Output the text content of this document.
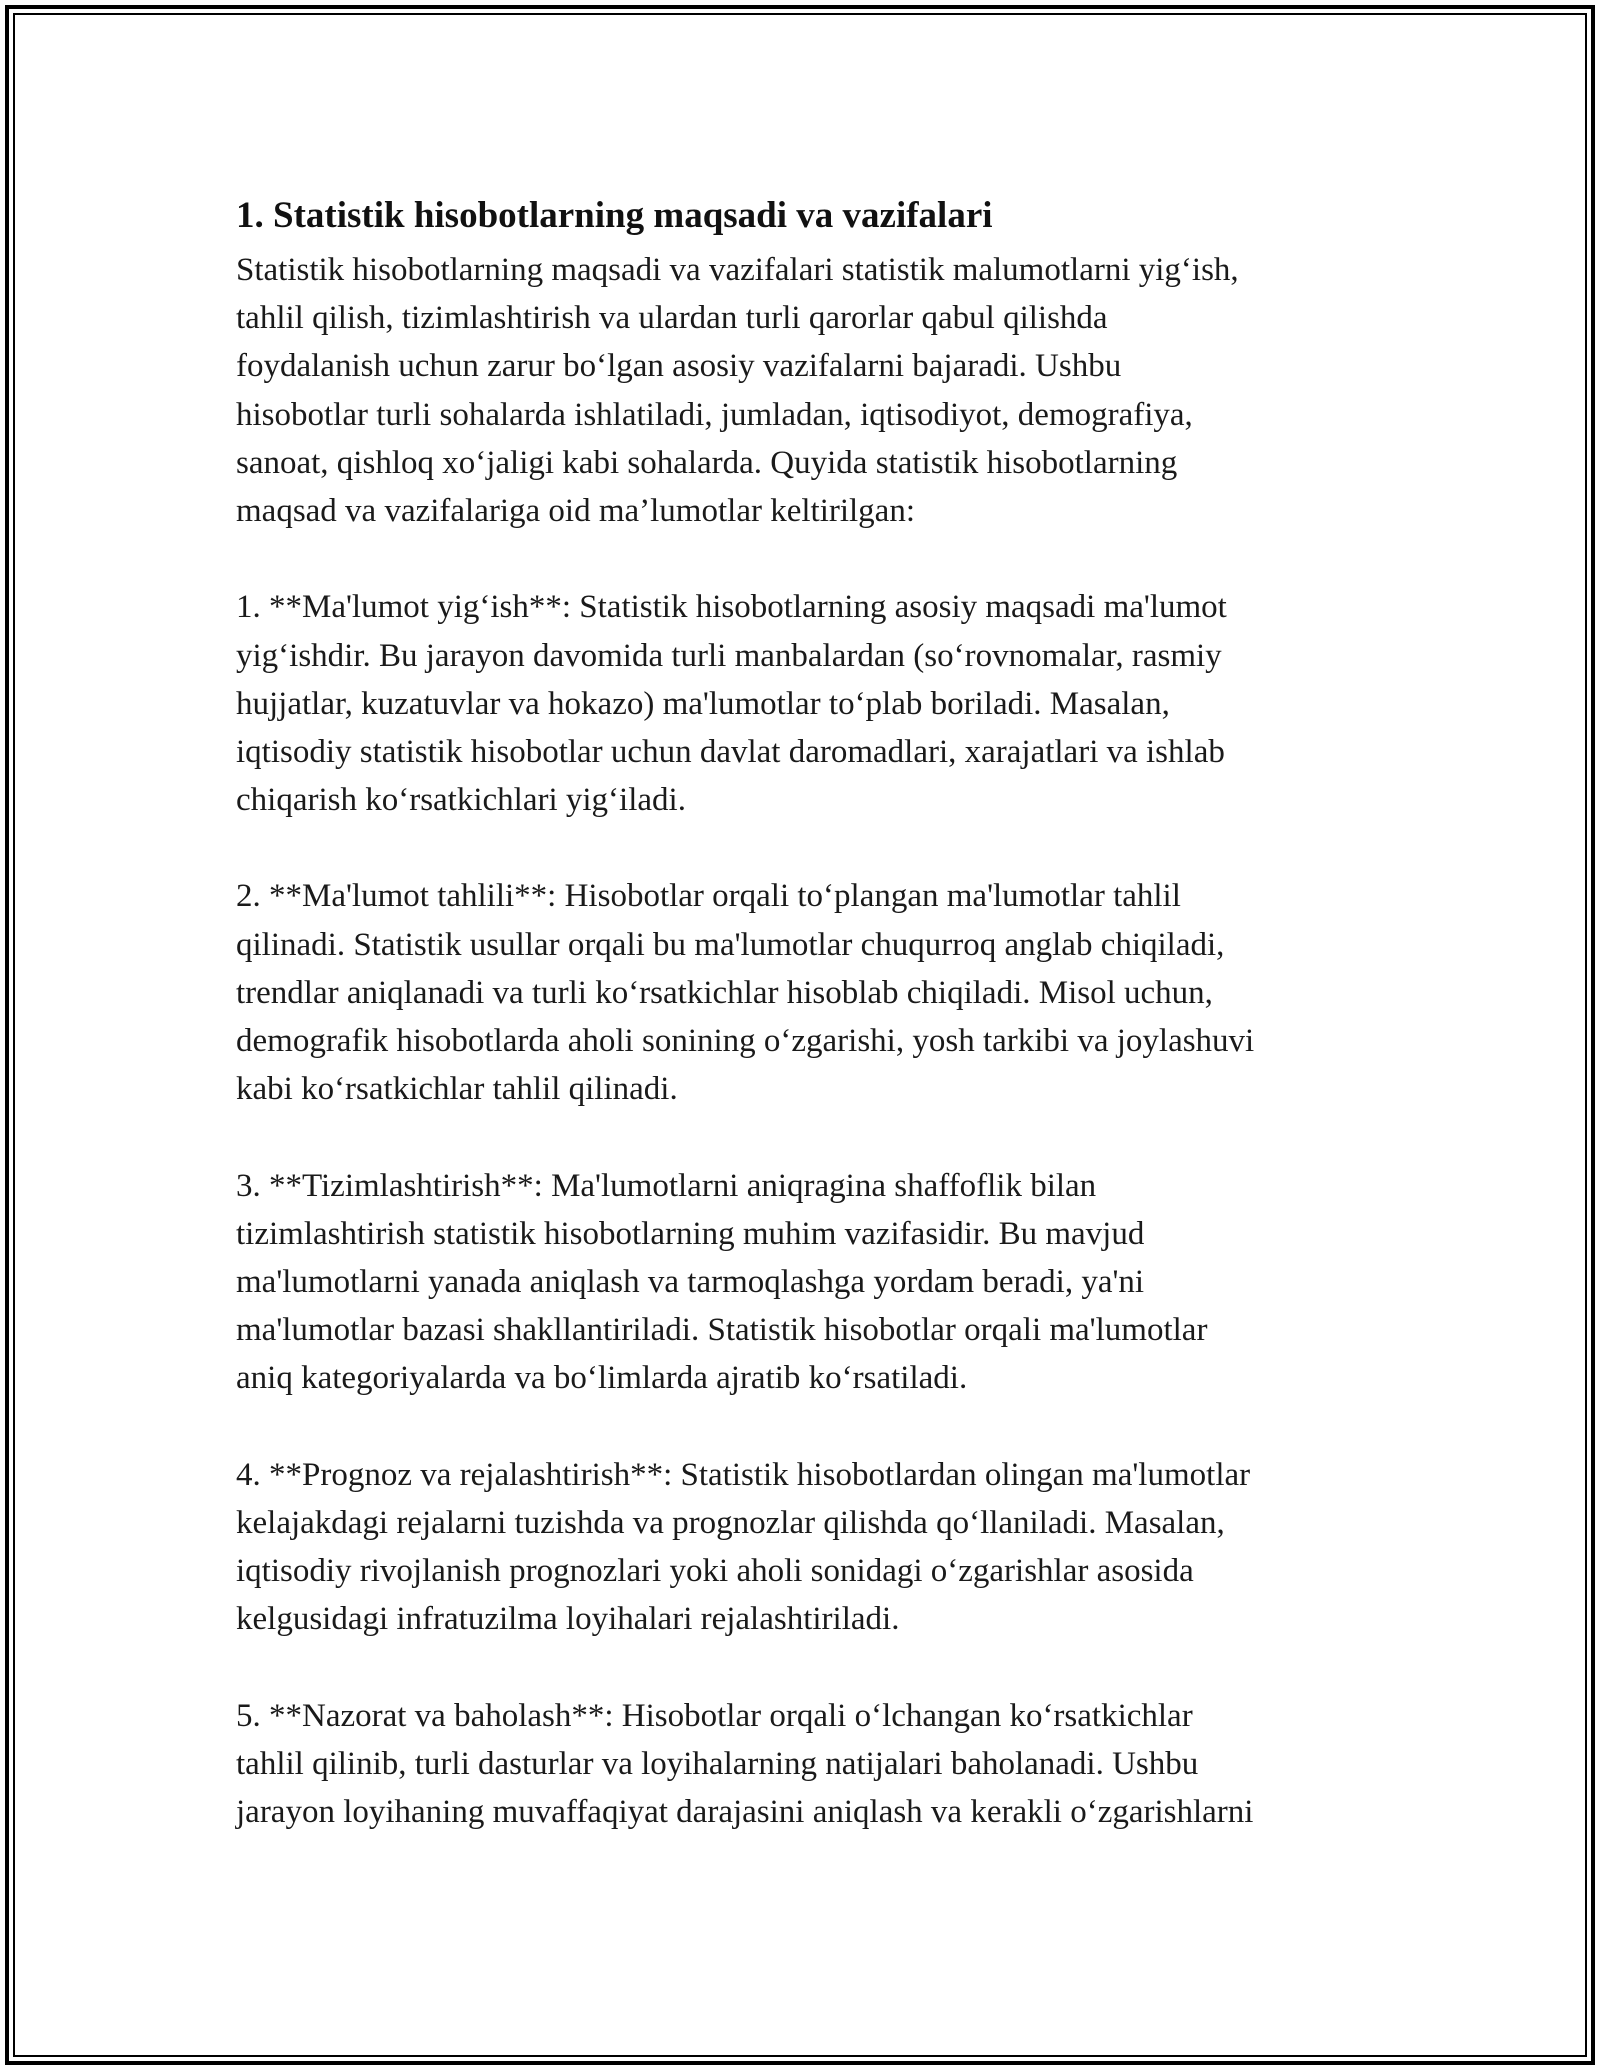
1. Statistik hisobotlarning maqsadi va vazifalari
Statistik hisobotlarning maqsadi va vazifalari statistik malumotlarni yig‘ish,
tahlil qilish, tizimlashtirish va ulardan turli qarorlar qabul qilishda
foydalanish uchun zarur bo‘lgan asosiy vazifalarni bajaradi. Ushbu
hisobotlar turli sohalarda ishlatiladi, jumladan, iqtisodiyot, demografiya,
sanoat, qishloq xo‘jaligi kabi sohalarda. Quyida statistik hisobotlarning
maqsad va vazifalariga oid ma’lumotlar keltirilgan:
1. **Ma'lumot yig‘ish**: Statistik hisobotlarning asosiy maqsadi ma'lumot
yig‘ishdir. Bu jarayon davomida turli manbalardan (so‘rovnomalar, rasmiy
hujjatlar, kuzatuvlar va hokazo) ma'lumotlar to‘plab boriladi. Masalan,
iqtisodiy statistik hisobotlar uchun davlat daromadlari, xarajatlari va ishlab
chiqarish ko‘rsatkichlari yig‘iladi.
2. **Ma'lumot tahlili**: Hisobotlar orqali to‘plangan ma'lumotlar tahlil
qilinadi. Statistik usullar orqali bu ma'lumotlar chuqurroq anglab chiqiladi,
trendlar aniqlanadi va turli ko‘rsatkichlar hisoblab chiqiladi. Misol uchun,
demografik hisobotlarda aholi sonining o‘zgarishi, yosh tarkibi va joylashuvi
kabi ko‘rsatkichlar tahlil qilinadi.
3. **Tizimlashtirish**: Ma'lumotlarni aniqragina shaffoflik bilan
tizimlashtirish statistik hisobotlarning muhim vazifasidir. Bu mavjud
ma'lumotlarni yanada aniqlash va tarmoqlashga yordam beradi, ya'ni
ma'lumotlar bazasi shakllantiriladi. Statistik hisobotlar orqali ma'lumotlar
aniq kategoriyalarda va bo‘limlarda ajratib ko‘rsatiladi.
4. **Prognoz va rejalashtirish**: Statistik hisobotlardan olingan ma'lumotlar
kelajakdagi rejalarni tuzishda va prognozlar qilishda qo‘llaniladi. Masalan,
iqtisodiy rivojlanish prognozlari yoki aholi sonidagi o‘zgarishlar asosida
kelgusidagi infratuzilma loyihalari rejalashtiriladi.
5. **Nazorat va baholash**: Hisobotlar orqali o‘lchangan ko‘rsatkichlar
tahlil qilinib, turli dasturlar va loyihalarning natijalari baholanadi. Ushbu
jarayon loyihaning muvaffaqiyat darajasini aniqlash va kerakli o‘zgarishlarni
